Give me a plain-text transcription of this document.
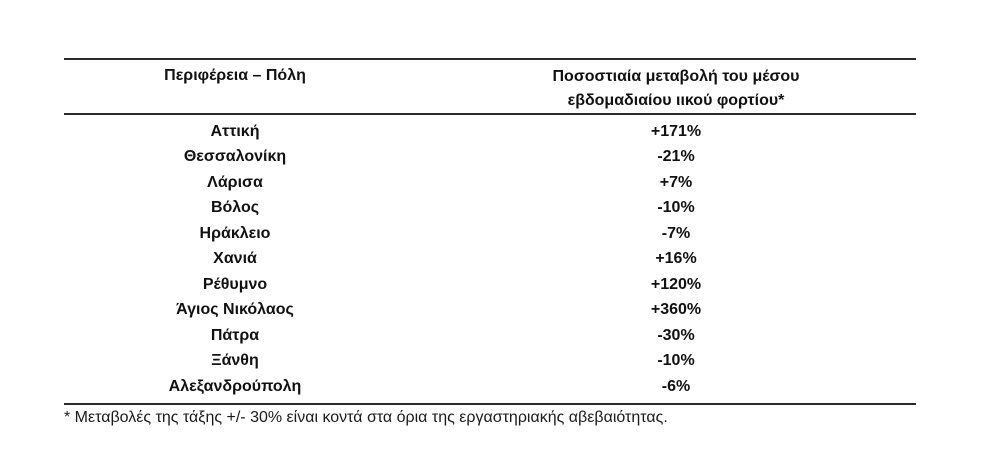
Περιφέρεια – Πόλη	Ποσοστιαία μεταβολή του μέσου
εβδομαδιαίου ιικού φορτίου*
Αττική	+171%
Θεσσαλονίκη	-21%
Λάρισα	+7%
Βόλος	-10%
Ηράκλειο	-7%
Χανιά	+16%
Ρέθυμνο	+120%
Άγιος Νικόλαος	+360%
Πάτρα	-30%
Ξάνθη	-10%
Αλεξανδρούπολη	-6%
* Μεταβολές της τάξης +/- 30% είναι κοντά στα όρια της εργαστηριακής αβεβαιότητας.
